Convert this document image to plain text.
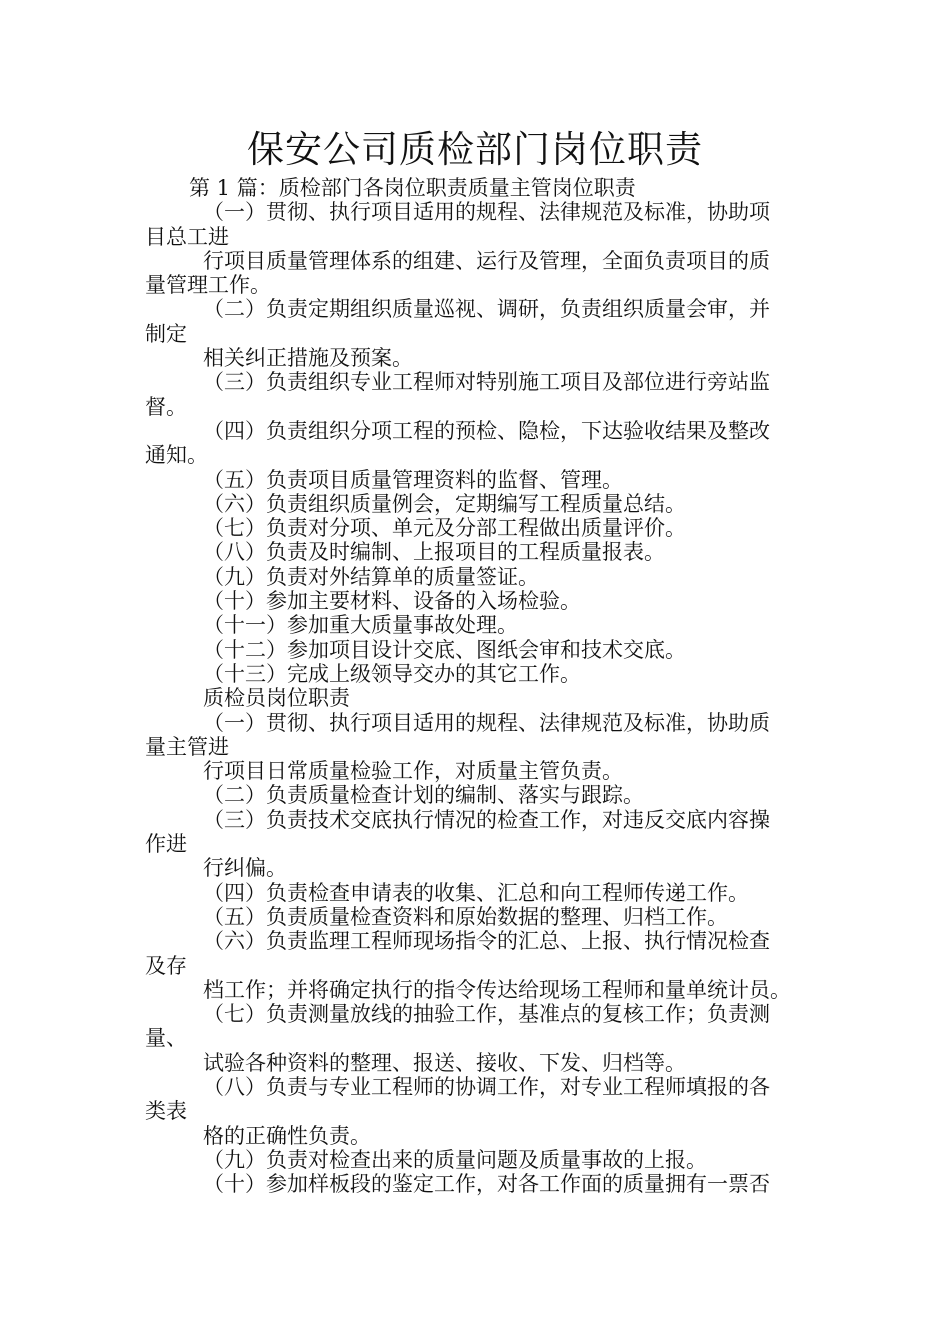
保安公司质检部门岗位职责
第 1 篇：质检部门各岗位职责质量主管岗位职责
（一）贯彻、执行项目适用的规程、法律规范及标准，协助项
目总工进
行项目质量管理体系的组建、运行及管理，全面负责项目的质
量管理工作。
（二）负责定期组织质量巡视、调研，负责组织质量会审，并
制定
相关纠正措施及预案。
（三）负责组织专业工程师对特别施工项目及部位进行旁站监
督。
（四）负责组织分项工程的预检、隐检，下达验收结果及整改
通知。
（五）负责项目质量管理资料的监督、管理。
（六）负责组织质量例会，定期编写工程质量总结。
（七）负责对分项、单元及分部工程做出质量评价。
（八）负责及时编制、上报项目的工程质量报表。
（九）负责对外结算单的质量签证。
（十）参加主要材料、设备的入场检验。
（十一）参加重大质量事故处理。
（十二）参加项目设计交底、图纸会审和技术交底。
（十三）完成上级领导交办的其它工作。
质检员岗位职责
（一）贯彻、执行项目适用的规程、法律规范及标准，协助质
量主管进
行项目日常质量检验工作，对质量主管负责。
（二）负责质量检查计划的编制、落实与跟踪。
（三）负责技术交底执行情况的检查工作，对违反交底内容操
作进
行纠偏。
（四）负责检查申请表的收集、汇总和向工程师传递工作。
（五）负责质量检查资料和原始数据的整理、归档工作。
（六）负责监理工程师现场指令的汇总、上报、执行情况检查
及存
档工作；并将确定执行的指令传达给现场工程师和量单统计员。
（七）负责测量放线的抽验工作，基准点的复核工作；负责测
量、
试验各种资料的整理、报送、接收、下发、归档等。
（八）负责与专业工程师的协调工作，对专业工程师填报的各
类表
格的正确性负责。
（九）负责对检查出来的质量问题及质量事故的上报。
（十）参加样板段的鉴定工作，对各工作面的质量拥有一票否
